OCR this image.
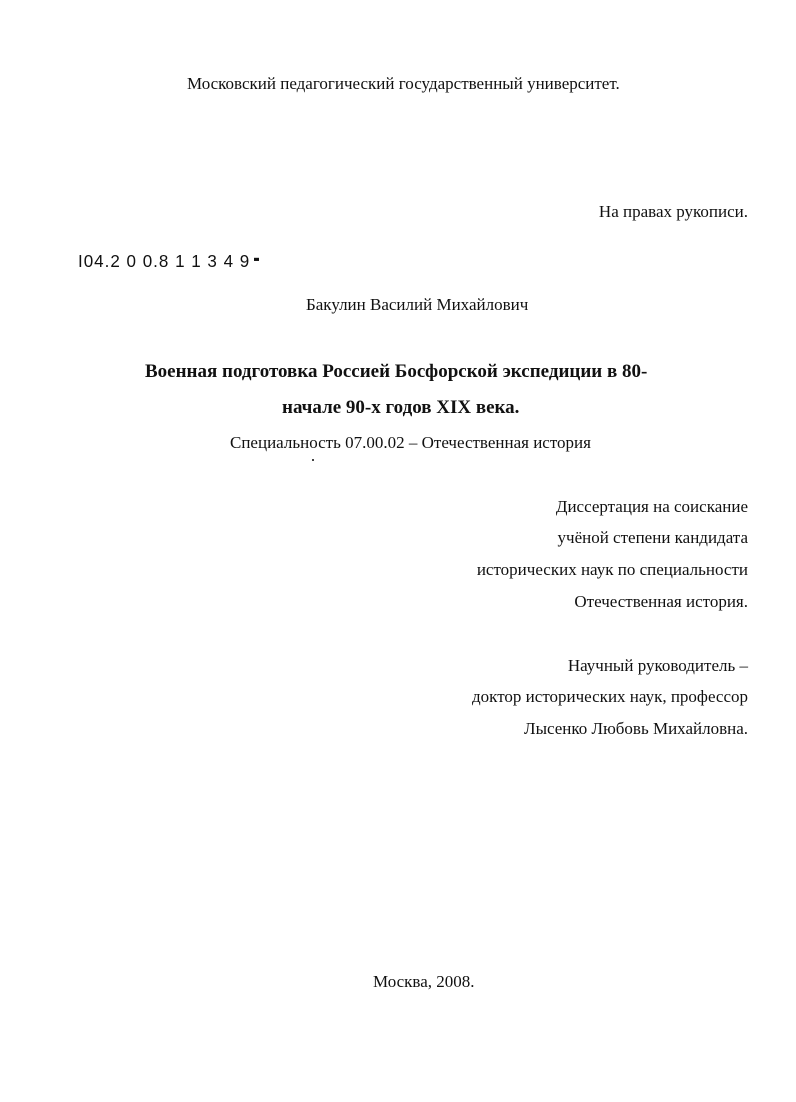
Московский педагогический государственный университет.
На правах рукописи.
I04.2 0 0.8 1 1 3 4 9
Бакулин Василий Михайлович
Военная подготовка Россией Босфорской экспедиции в 80-
начале 90-х годов XIX века.
Специальность 07.00.02 – Отечественная история
Диссертация на соискание
учёной степени кандидата
исторических наук по специальности
Отечественная история.
Научный руководитель –
доктор исторических наук, профессор
Лысенко Любовь Михайловна.
Москва, 2008.
